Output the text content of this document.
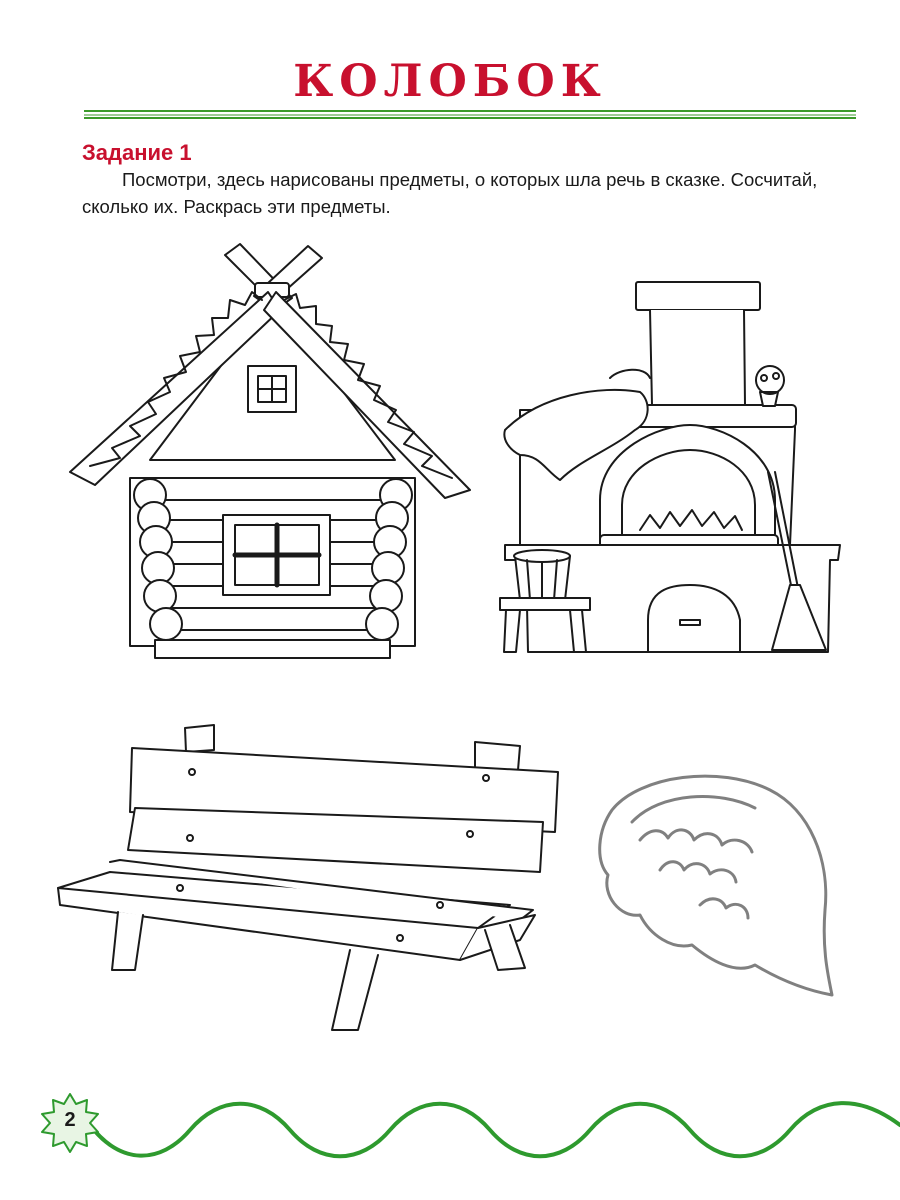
КОЛОБОК
Задание 1
Посмотри, здесь нарисованы предметы, о которых шла речь в сказке. Сосчитай, сколько их. Раскрась эти предметы.
2
